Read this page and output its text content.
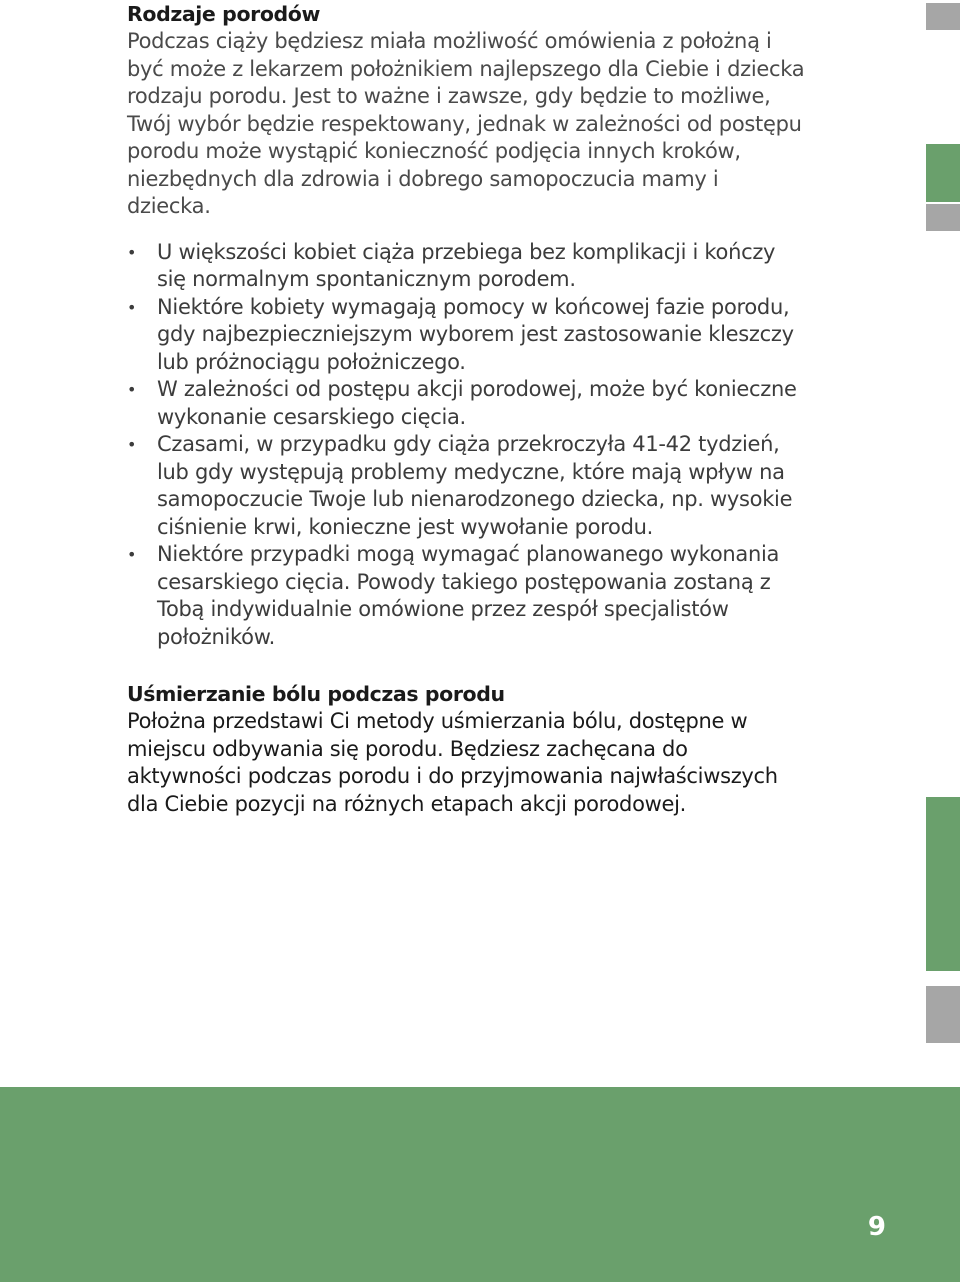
Rodzaje porodów

Podczas ciąży będziesz miała możliwość omówienia z położną i być może z lekarzem położnikiem najlepszego dla Ciebie i dziecka rodzaju porodu. Jest to ważne i zawsze, gdy będzie to możliwe, Twój wybór będzie respektowany, jednak w zależności od postępu porodu może wystąpić konieczność podjęcia innych kroków, niezbędnych dla zdrowia i dobrego samopoczucia mamy i dziecka.

• U większości kobiet ciąża przebiega bez komplikacji i kończy się normalnym spontanicznym porodem.
• Niektóre kobiety wymagają pomocy w końcowej fazie porodu, gdy najbezpieczniejszym wyborem jest zastosowanie kleszczy lub próżnociągu położniczego.
• W zależności od postępu akcji porodowej, może być konieczne wykonanie cesarskiego cięcia.
• Czasami, w przypadku gdy ciąża przekroczyła 41-42 tydzień, lub gdy występują problemy medyczne, które mają wpływ na samopoczucie Twoje lub nienarodzonego dziecka, np. wysokie ciśnienie krwi, konieczne jest wywołanie porodu.
• Niektóre przypadki mogą wymagać planowanego wykonania cesarskiego cięcia. Powody takiego postępowania zostaną z Tobą indywidualnie omówione przez zespół specjalistów położników.
Uśmierzanie bólu podczas porodu

Położna przedstawi Ci metody uśmierzania bólu, dostępne w miejscu odbywania się porodu. Będziesz zachęcana do aktywności podczas porodu i do przyjmowania najwłaściwszych dla Ciebie pozycji na różnych etapach akcji porodowej.

9
